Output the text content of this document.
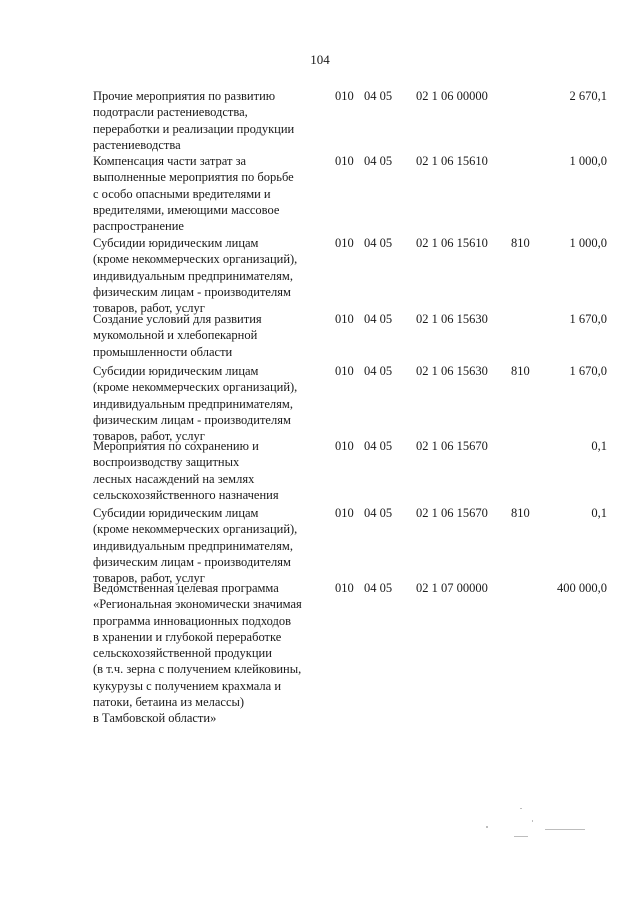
104
Прочие мероприятия по развитию
подотрасли растениеводства,
переработки и реализации продукции
растениеводства
010 04 05 02 1 06 00000	2 670,1
Компенсация части затрат за
выполненные мероприятия по борьбе
с особо опасными вредителями и
вредителями, имеющими массовое
распространение
010 04 05 02 1 06 15610	1 000,0
Субсидии юридическим лицам
(кроме некоммерческих организаций),
индивидуальным предпринимателям,
физическим лицам - производителям
товаров, работ, услуг
010 04 05 02 1 06 15610 810	1 000,0
Создание условий для развития
мукомольной и хлебопекарной
промышленности области
010 04 05 02 1 06 15630	1 670,0
Субсидии юридическим лицам
(кроме некоммерческих организаций),
индивидуальным предпринимателям,
физическим лицам - производителям
товаров, работ, услуг
010 04 05 02 1 06 15630 810	1 670,0
Мероприятия по сохранению и
воспроизводству защитных
лесных насаждений на землях
сельскохозяйственного назначения
010 04 05 02 1 06 15670	0,1
Субсидии юридическим лицам
(кроме некоммерческих организаций),
индивидуальным предпринимателям,
физическим лицам - производителям
товаров, работ, услуг
010 04 05 02 1 06 15670 810	0,1
Ведомственная целевая программа
«Региональная экономически значимая
программа инновационных подходов
в хранении и глубокой переработке
сельскохозяйственной продукции
(в т.ч. зерна с получением клейковины,
кукурузы с получением крахмала и
патоки, бетаина из мелассы)
в Тамбовской области»
010 04 05 02 1 07 00000	400 000,0
